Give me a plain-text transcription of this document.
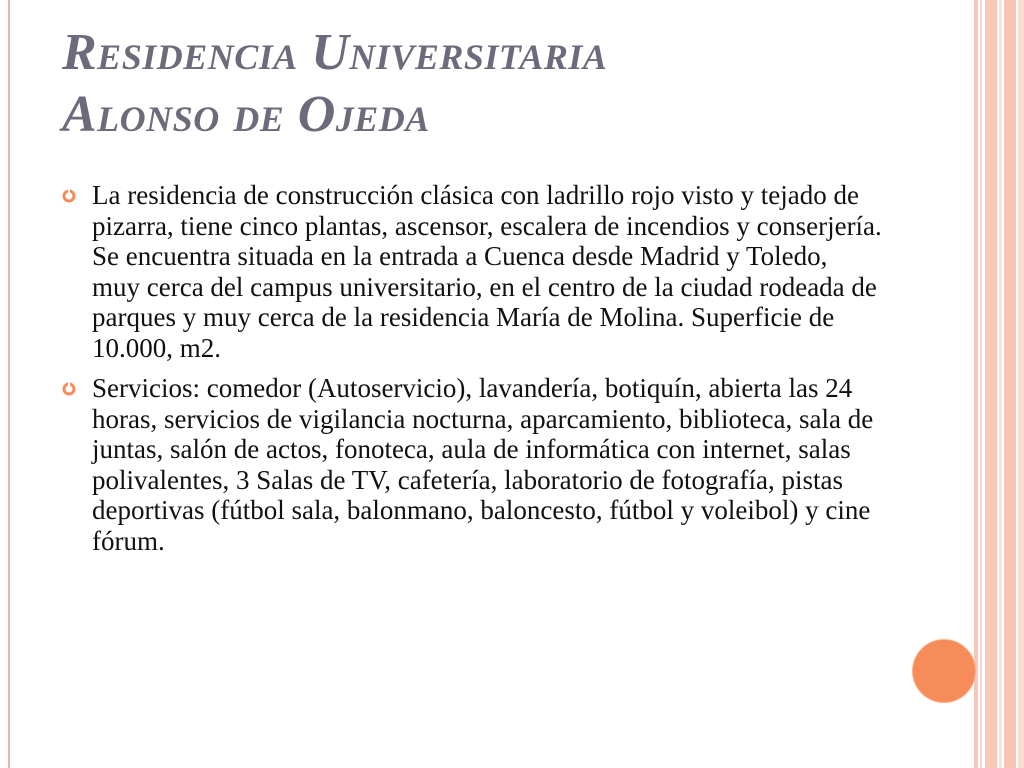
Residencia Universitaria
Alonso de Ojeda
La residencia de construcción clásica con ladrillo rojo visto y tejado de pizarra, tiene cinco plantas, ascensor, escalera de incendios y conserjería. Se encuentra situada en la entrada a Cuenca desde Madrid y Toledo, muy cerca del campus universitario, en el centro de la ciudad rodeada de parques y muy cerca de la residencia María de Molina. Superficie de 10.000, m2.
Servicios: comedor (Autoservicio), lavandería, botiquín, abierta las 24 horas, servicios de vigilancia nocturna, aparcamiento, biblioteca, sala de juntas, salón de actos, fonoteca, aula de informática con internet, salas polivalentes, 3 Salas de TV, cafetería, laboratorio de fotografía, pistas deportivas (fútbol sala, balonmano, baloncesto, fútbol y voleibol) y cine fórum.
